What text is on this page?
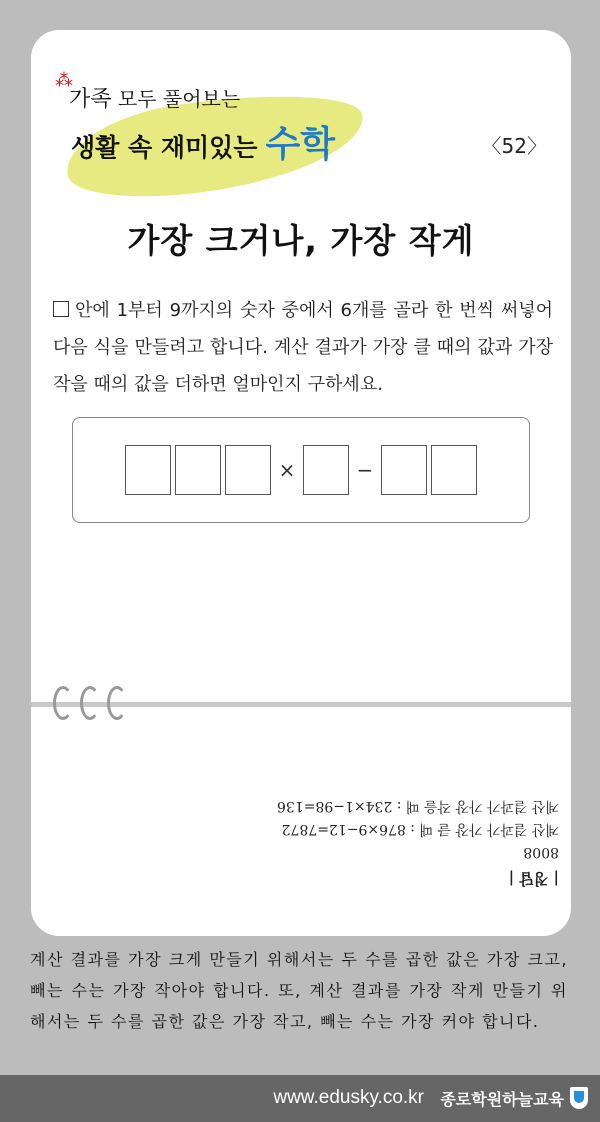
⁂
가족 모두 풀어보는
생활 속 재미있는 수학	〈52〉
가장 크거나, 가장 작게
안에 1부터 9까지의 숫자 중에서 6개를 골라 한 번씩 써넣어 다음 식을 만들려고 합니다. 계산 결과가 가장 클 때의 값과 가장 작을 때의 값을 더하면 얼마인지 구하세요.
×	−

| 정답 |
8008
계산 결과가 가장 클 때 : 876×9−12=7872
계산 결과가 가장 작을 때 : 234×1−98=136
계산 결과를 가장 크게 만들기 위해서는 두 수를 곱한 값은 가장 크고, 빼는 수는 가장 작아야 합니다. 또, 계산 결과를 가장 작게 만들기 위해서는 두 수를 곱한 값은 가장 작고, 빼는 수는 가장 커야 합니다.
www.edusky.co.kr 종로학원하늘교육
